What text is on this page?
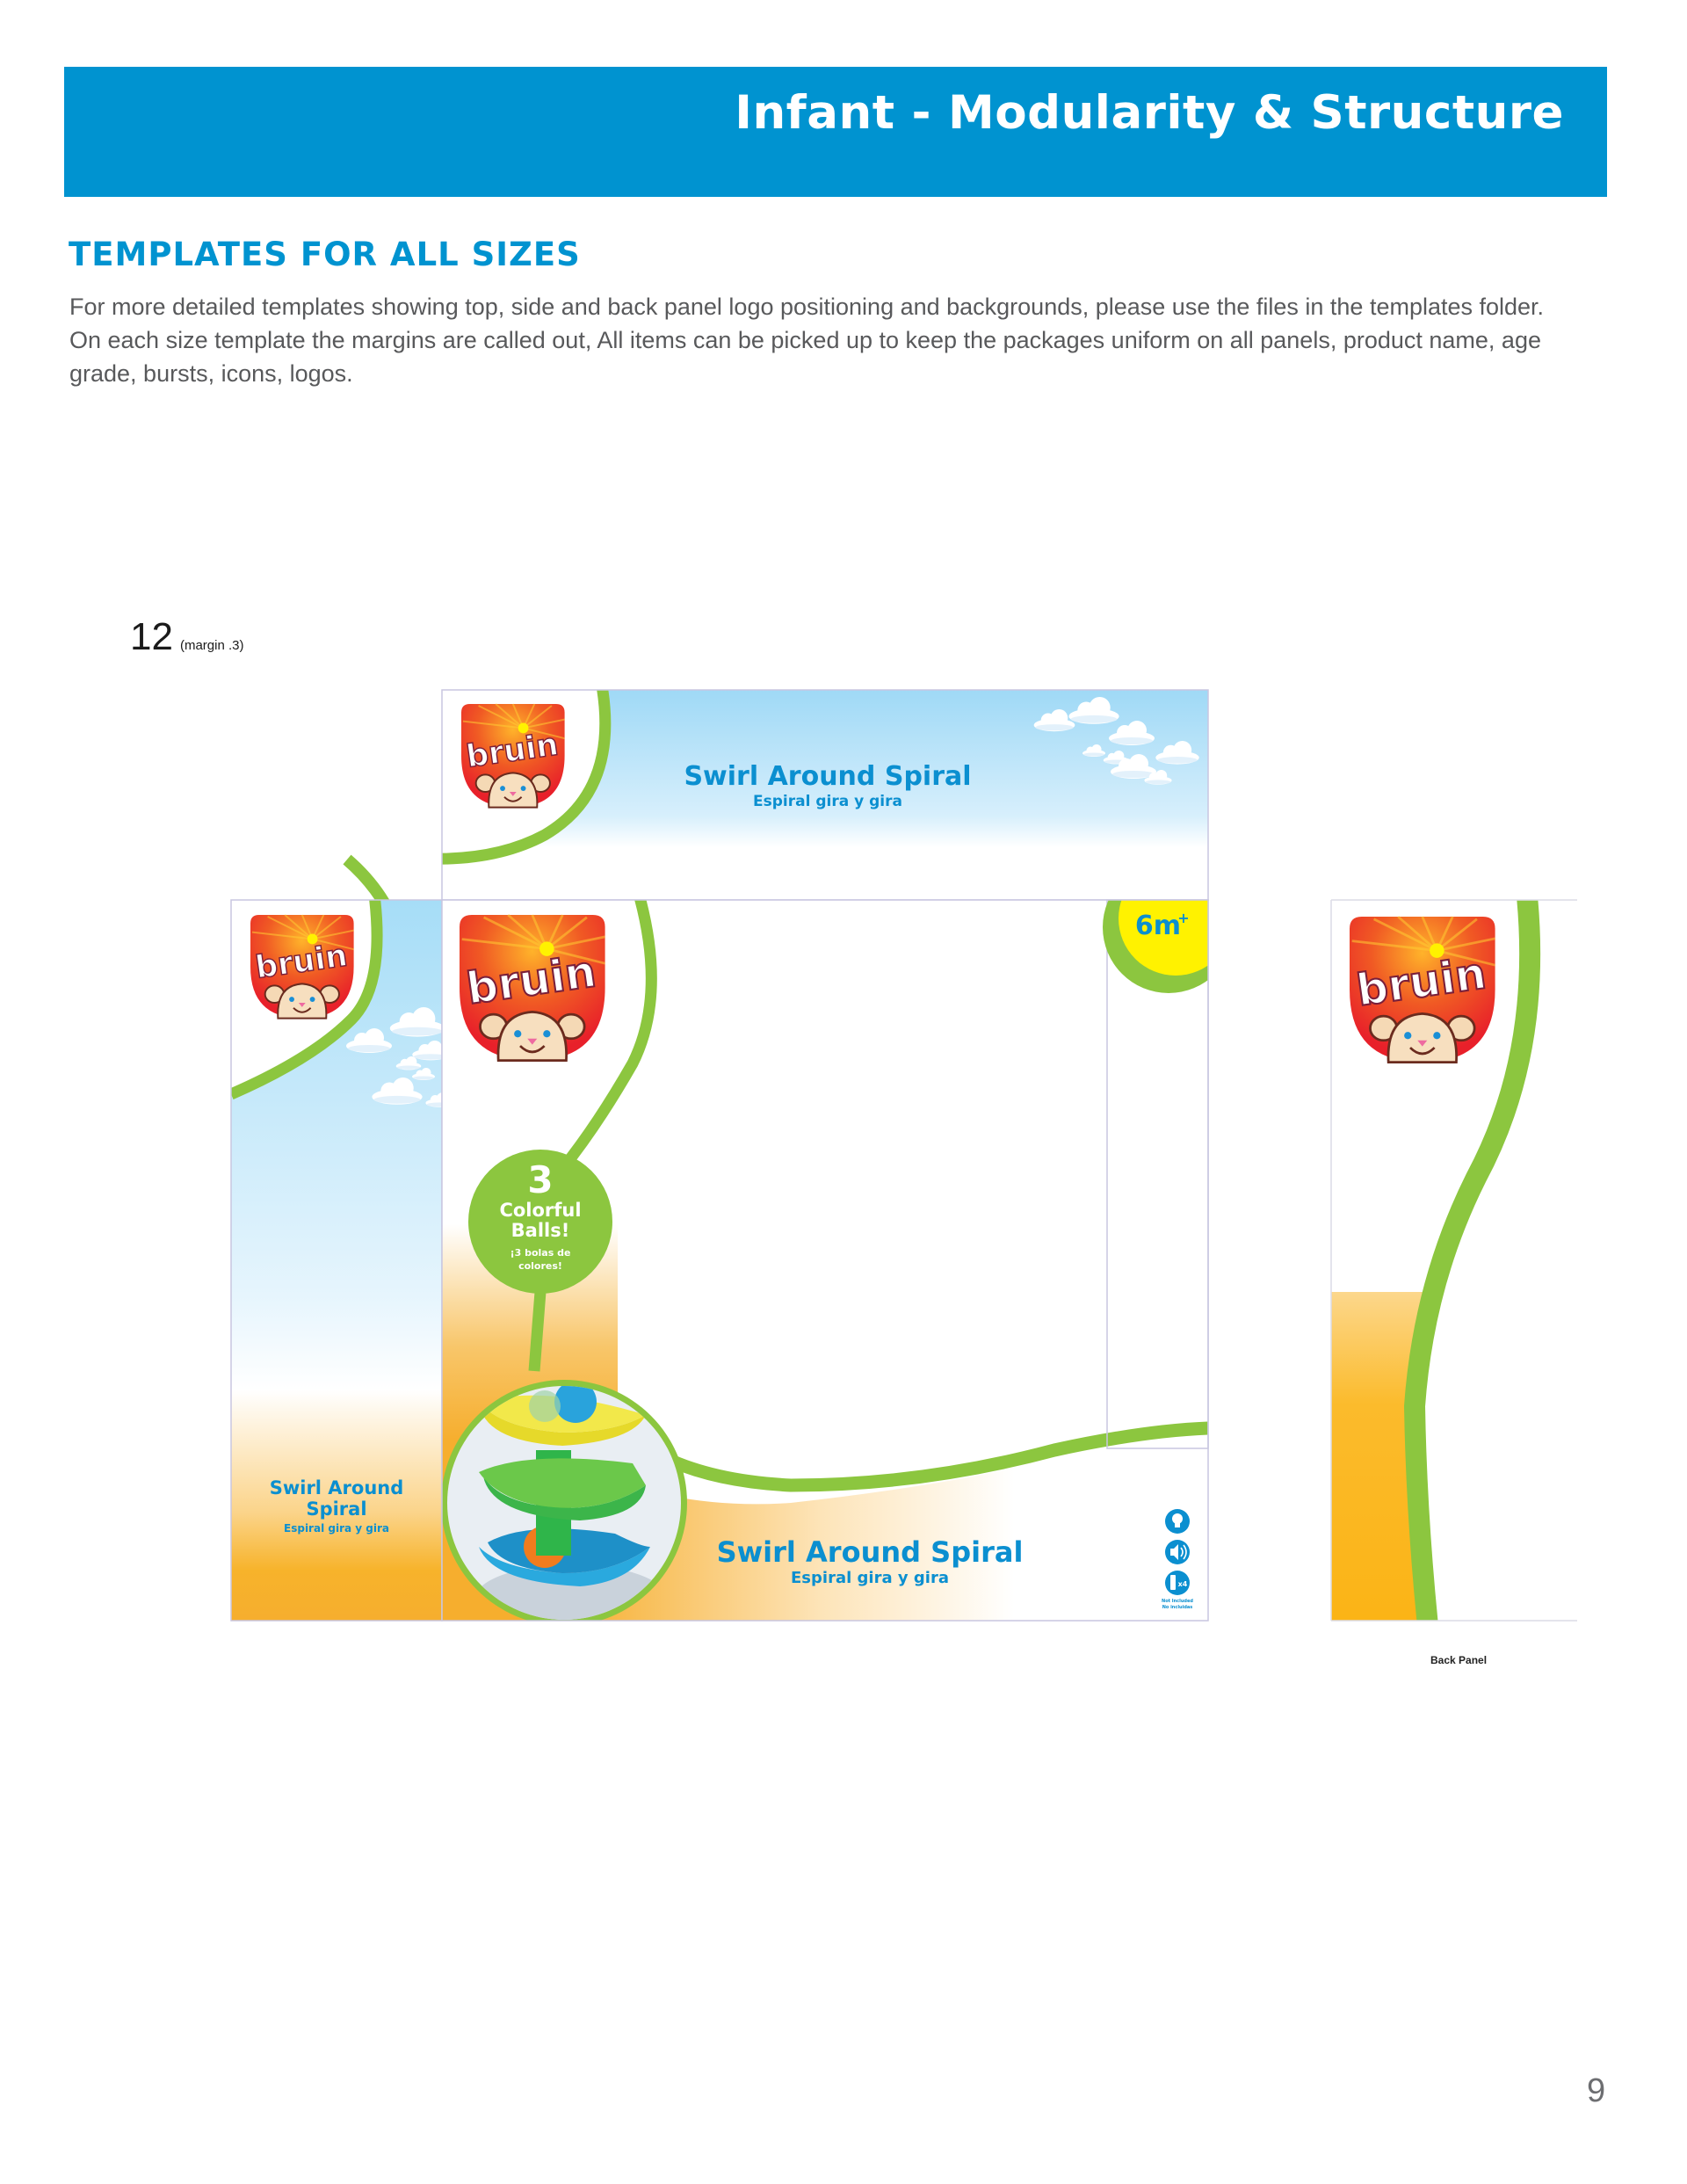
Infant - Modularity & Structure
TEMPLATES FOR ALL SIZES
For more detailed templates showing top, side and back panel logo positioning and backgrounds, please use the files in the templates folder. On each size template the margins are called out, All items can be picked up to keep the packages uniform on all panels, product name, age grade, bursts, icons, logos.
12 (margin .3)
bruin
Swirl Around Spiral
Espiral gira y gira
Swirl Around
Spiral
Espiral gira y gira
3
Colorful
Balls!
¡3 bolas de
colores!
6m
+
Swirl Around Spiral
Espiral gira y gira	x4
Not Included
No incluidas
Back Panel
9
